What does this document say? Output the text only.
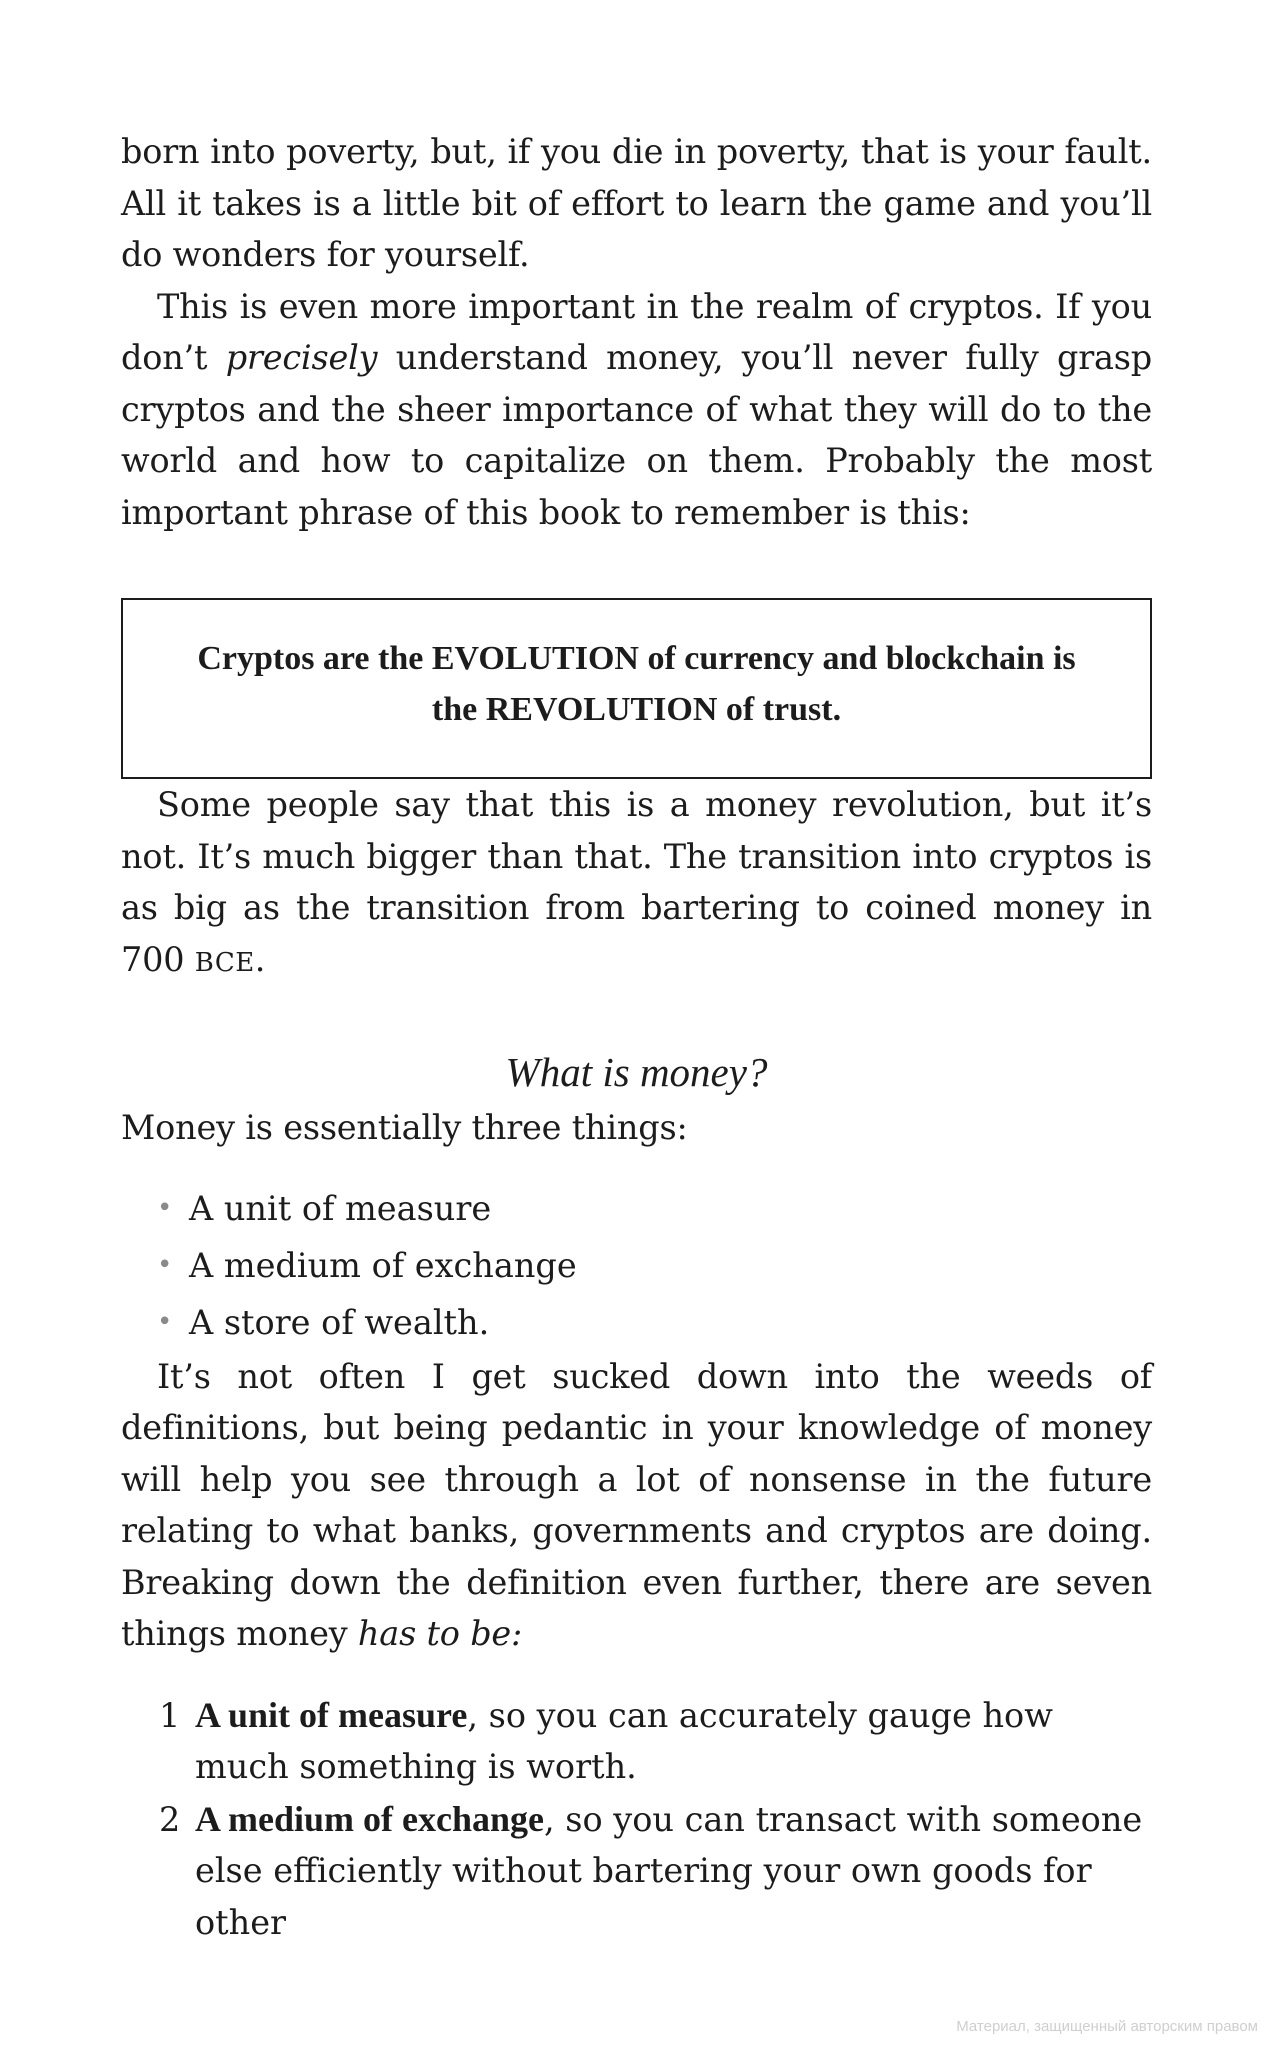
born into poverty, but, if you die in poverty, that is your fault. All it takes is a little bit of effort to learn the game and you’ll do wonders for yourself.

This is even more important in the realm of cryptos. If you don’t precisely understand money, you’ll never fully grasp cryptos and the sheer importance of what they will do to the world and how to capitalize on them. Probably the most important phrase of this book to remember is this:

Cryptos are the EVOLUTION of currency and blockchain is
the REVOLUTION of trust.

Some people say that this is a money revolution, but it’s not. It’s much bigger than that. The transition into cryptos is as big as the transition from bartering to coined money in 700 BCE.

What is money?

Money is essentially three things:

• A unit of measure
• A medium of exchange
• A store of wealth.

It’s not often I get sucked down into the weeds of definitions, but being pedantic in your knowledge of money will help you see through a lot of nonsense in the future relating to what banks, governments and cryptos are doing. Breaking down the definition even further, there are seven things money has to be:

1 A unit of measure, so you can accurately gauge how much something is worth.
2 A medium of exchange, so you can transact with someone else efficiently without bartering your own goods for other
Материал, защищенный авторским правом
